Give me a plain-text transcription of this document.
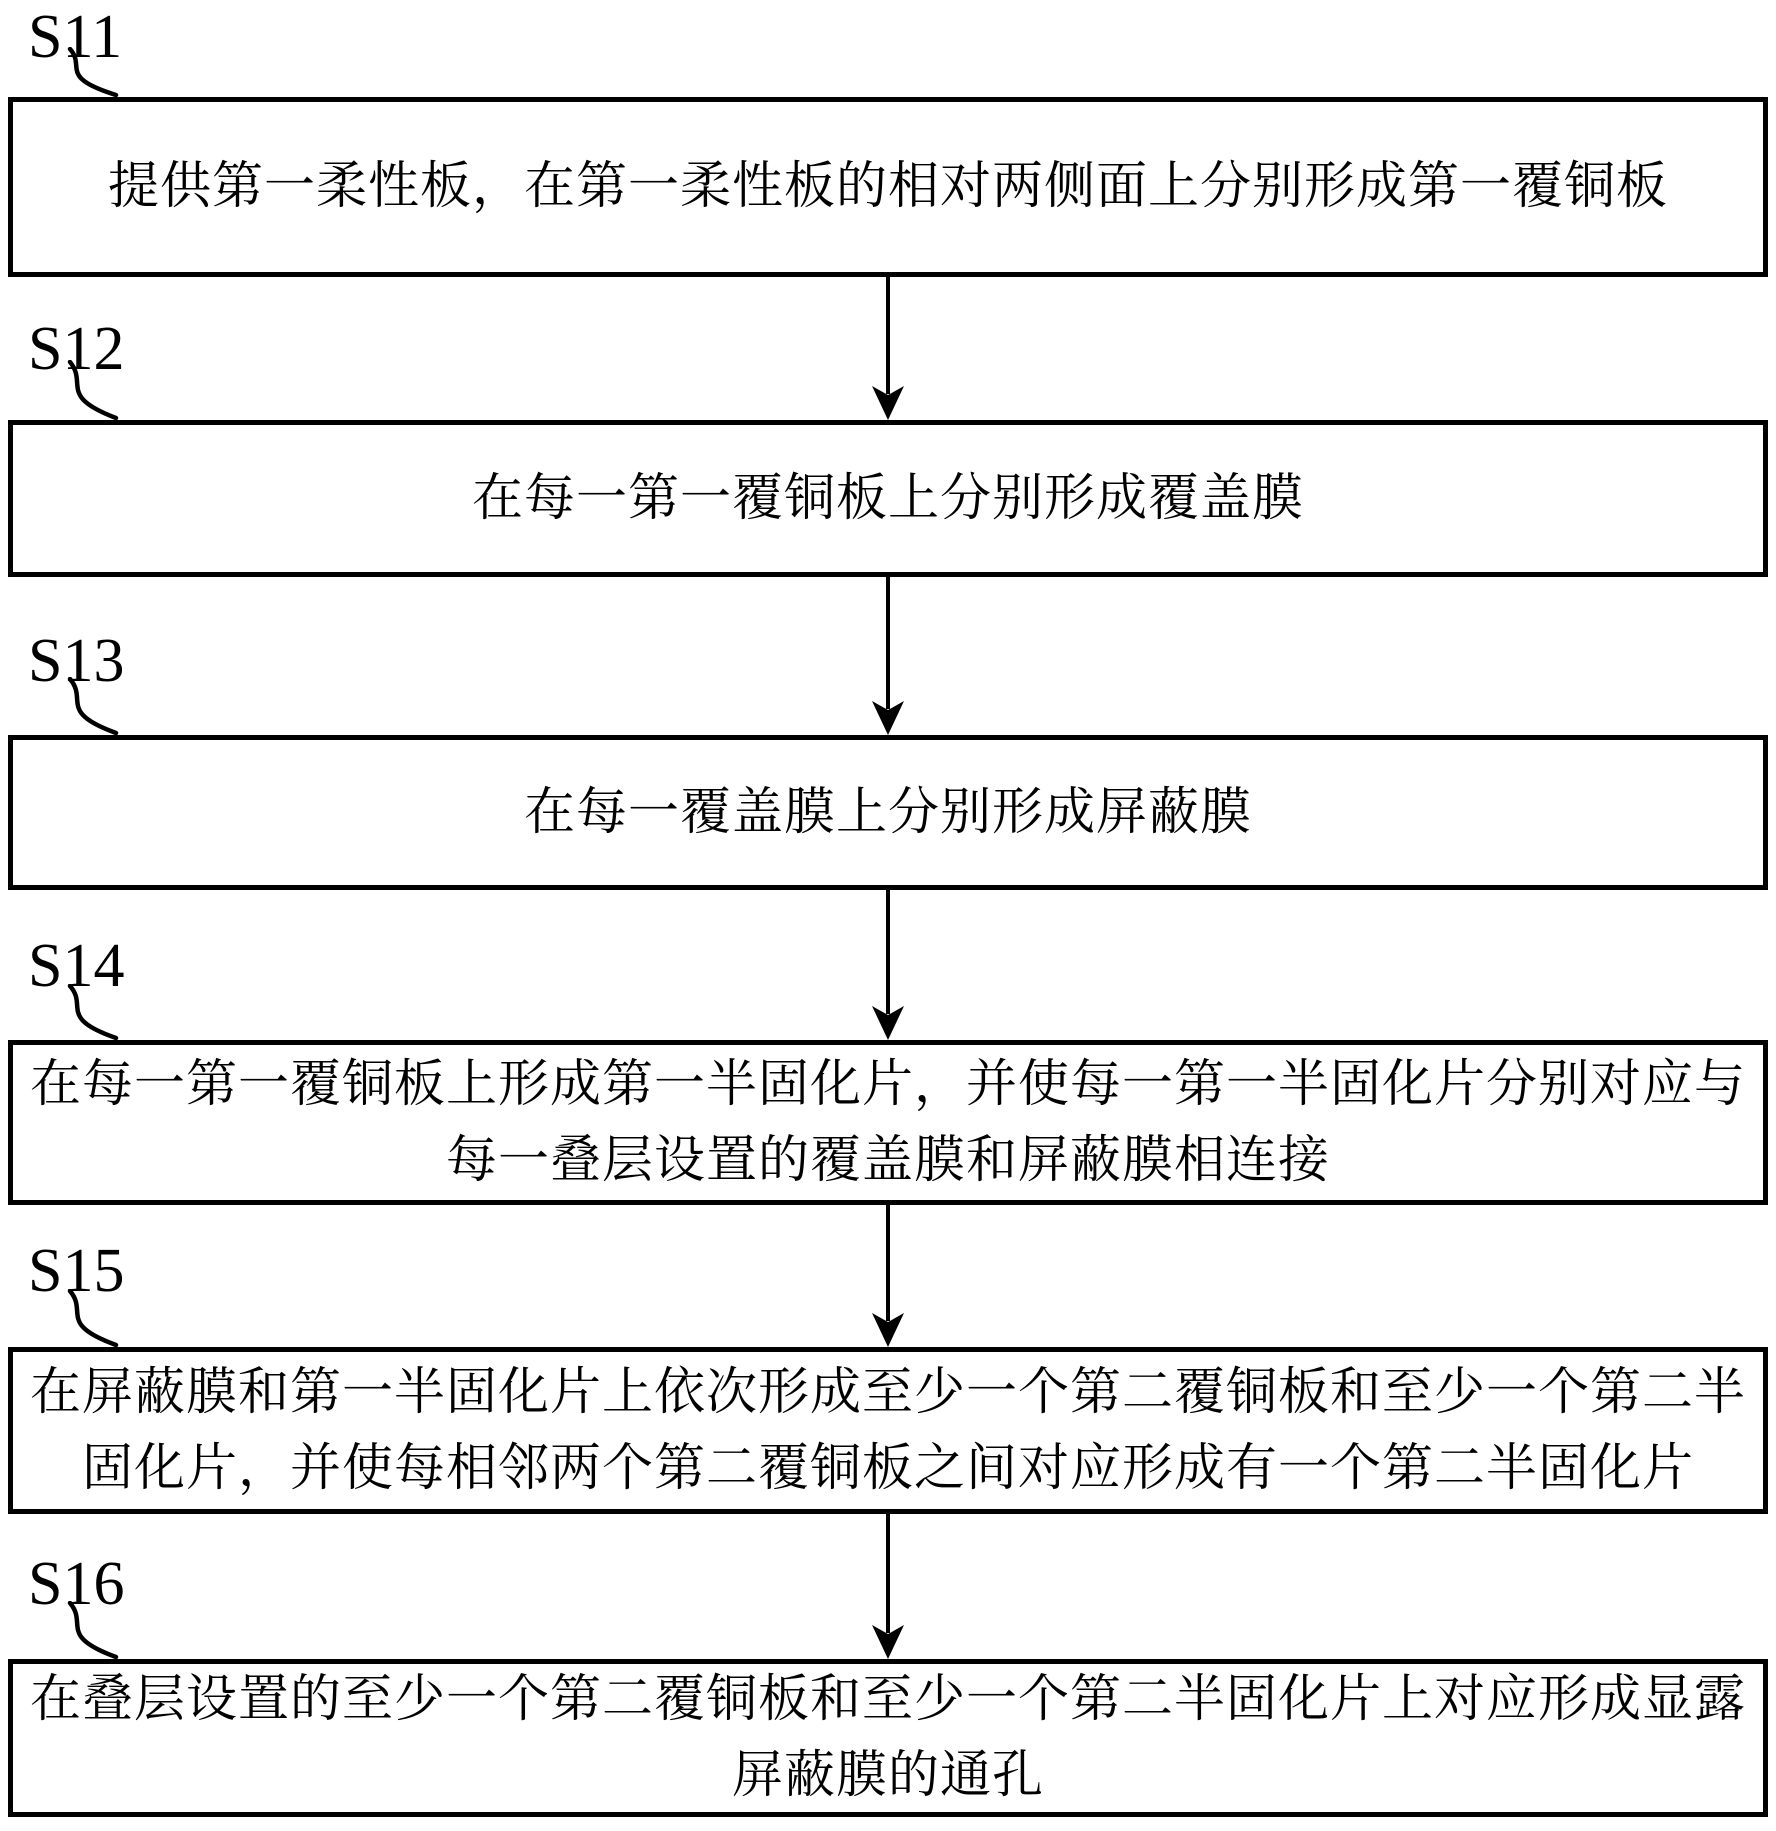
S11
提供第一柔性板，在第一柔性板的相对两侧面上分别形成第一覆铜板
S12
在每一第一覆铜板上分别形成覆盖膜
S13
在每一覆盖膜上分别形成屏蔽膜
S14
在每一第一覆铜板上形成第一半固化片，并使每一第一半固化片分别对应与
每一叠层设置的覆盖膜和屏蔽膜相连接
S15
在屏蔽膜和第一半固化片上依次形成至少一个第二覆铜板和至少一个第二半
固化片，并使每相邻两个第二覆铜板之间对应形成有一个第二半固化片
S16
在叠层设置的至少一个第二覆铜板和至少一个第二半固化片上对应形成显露
屏蔽膜的通孔
